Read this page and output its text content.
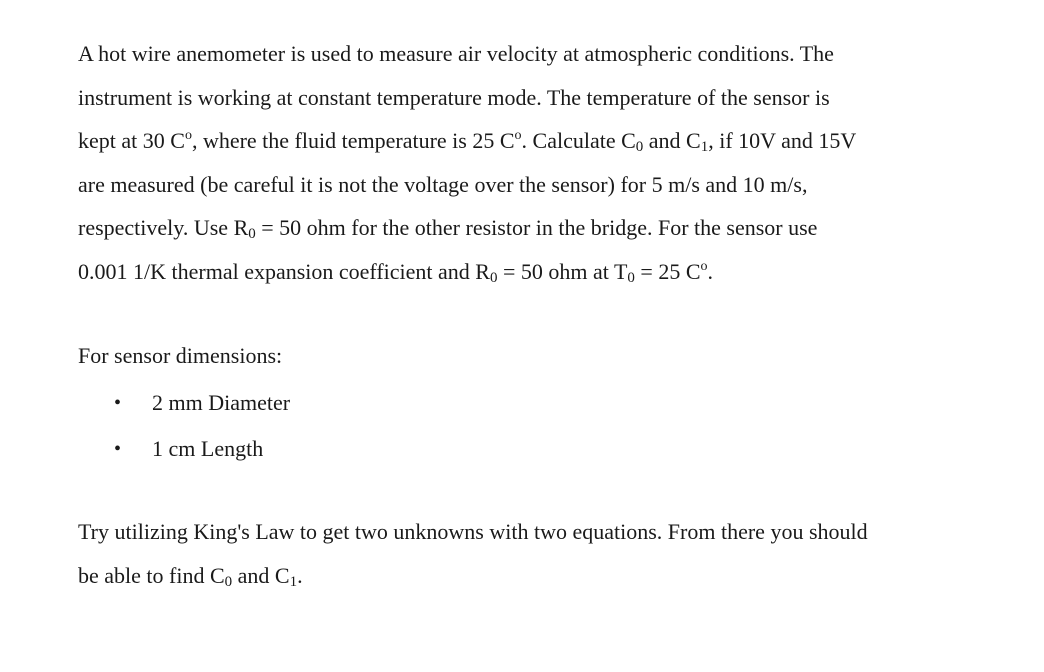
A hot wire anemometer is used to measure air velocity at atmospheric conditions. The
instrument is working at constant temperature mode. The temperature of the sensor is
kept at 30 $C^o$, where the fluid temperature is 25 $C^o$. Calculate $C_0$ and $C_1$, if 10V and 15V
are measured (be careful it is not the voltage over the sensor) for 5 m/s and 10 m/s,
respectively. Use $R_0 = 50$ ohm for the other resistor in the bridge. For the sensor use
0.001 1/K thermal expansion coefficient and $R_0 = 50$ ohm at $T_0 = 25$ $C^o$.

For sensor dimensions:

•	2 mm Diameter
•	1 cm Length
Try utilizing King's Law to get two unknowns with two equations. From there you should
be able to find $C_0$ and $C_1$.
